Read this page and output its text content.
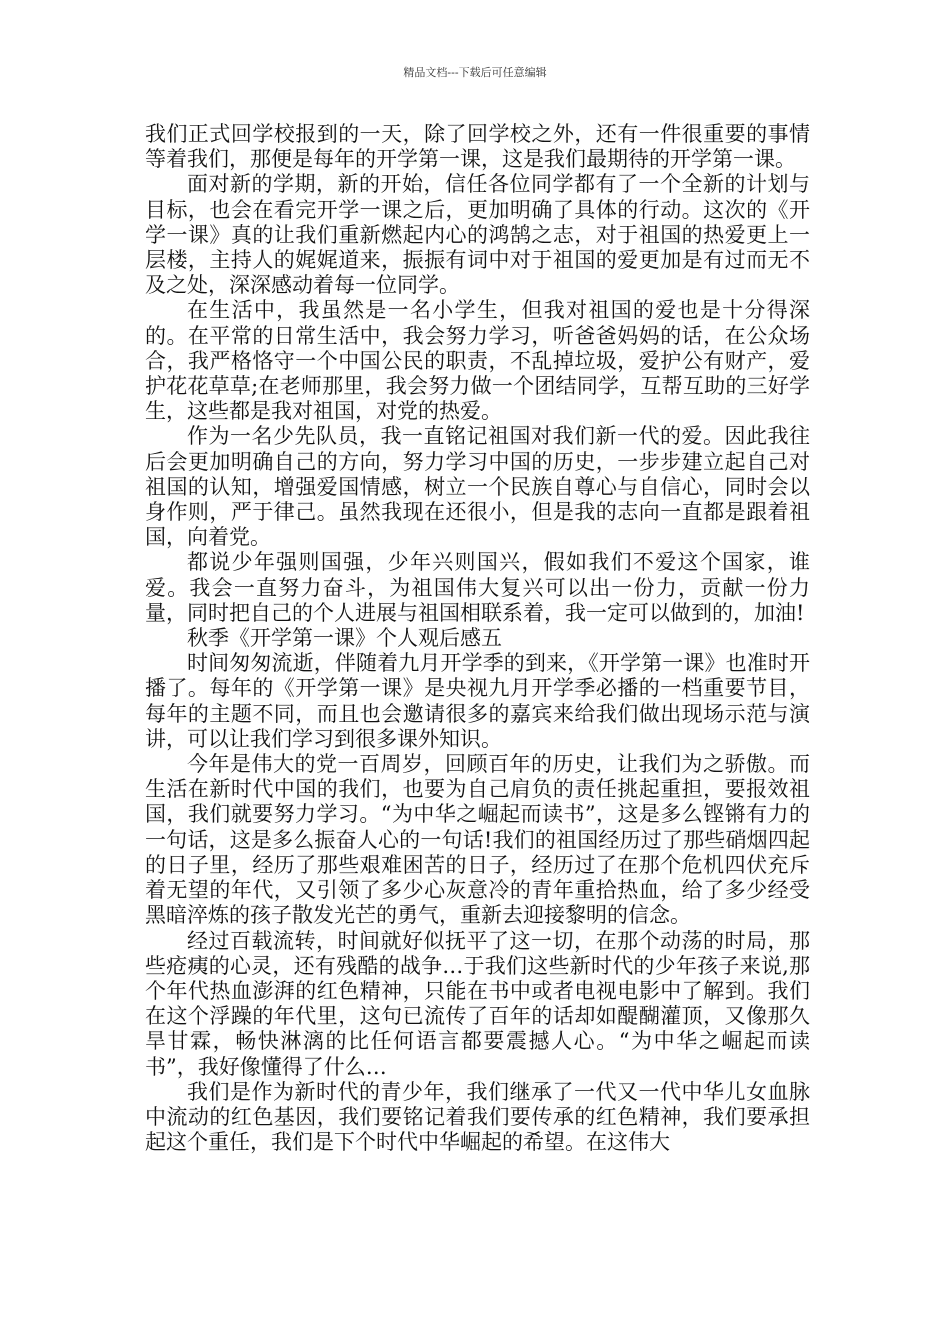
精品文档---下载后可任意编辑

我们正式回学校报到的一天，除了回学校之外，还有一件很重要的事情等着我们，那便是每年的开学第一课，这是我们最期待的开学第一课。

面对新的学期，新的开始，信任各位同学都有了一个全新的计划与目标，也会在看完开学一课之后，更加明确了具体的行动。这次的《开学一课》真的让我们重新燃起内心的鸿鹄之志，对于祖国的热爱更上一层楼，主持人的娓娓道来，振振有词中对于祖国的爱更加是有过而无不及之处，深深感动着每一位同学。

在生活中，我虽然是一名小学生，但我对祖国的爱也是十分得深的。在平常的日常生活中，我会努力学习，听爸爸妈妈的话，在公众场合，我严格恪守一个中国公民的职责，不乱掉垃圾，爱护公有财产，爱护花花草草;在老师那里，我会努力做一个团结同学，互帮互助的三好学生，这些都是我对祖国，对党的热爱。

作为一名少先队员，我一直铭记祖国对我们新一代的爱。因此我往后会更加明确自己的方向，努力学习中国的历史，一步步建立起自己对祖国的认知，增强爱国情感，树立一个民族自尊心与自信心，同时会以身作则，严于律己。虽然我现在还很小，但是我的志向一直都是跟着祖国，向着党。

都说少年强则国强，少年兴则国兴，假如我们不爱这个国家，谁爱。我会一直努力奋斗，为祖国伟大复兴可以出一份力，贡献一份力量，同时把自己的个人进展与祖国相联系着，我一定可以做到的，加油!

秋季《开学第一课》个人观后感五

时间匆匆流逝，伴随着九月开学季的到来，《开学第一课》也准时开播了。每年的《开学第一课》是央视九月开学季必播的一档重要节目，每年的主题不同，而且也会邀请很多的嘉宾来给我们做出现场示范与演讲，可以让我们学习到很多课外知识。

今年是伟大的党一百周岁，回顾百年的历史，让我们为之骄傲。而生活在新时代中国的我们，也要为自己肩负的责任挑起重担，要报效祖国，我们就要努力学习。“为中华之崛起而读书”，这是多么铿锵有力的一句话，这是多么振奋人心的一句话!我们的祖国经历过了那些硝烟四起的日子里，经历了那些艰难困苦的日子，经历过了在那个危机四伏充斥着无望的年代，又引领了多少心灰意冷的青年重拾热血，给了多少经受黑暗淬炼的孩子散发光芒的勇气，重新去迎接黎明的信念。

经过百载流转，时间就好似抚平了这一切，在那个动荡的时局，那些疮痍的心灵，还有残酷的战争…于我们这些新时代的少年孩子来说,那个年代热血澎湃的红色精神，只能在书中或者电视电影中了解到。我们在这个浮躁的年代里，这句已流传了百年的话却如醍醐灌顶，又像那久旱甘霖，畅快淋漓的比任何语言都要震撼人心。“为中华之崛起而读书”，我好像懂得了什么…

我们是作为新时代的青少年，我们继承了一代又一代中华儿女血脉中流动的红色基因，我们要铭记着我们要传承的红色精神，我们要承担起这个重任，我们是下个时代中华崛起的希望。在这伟大
